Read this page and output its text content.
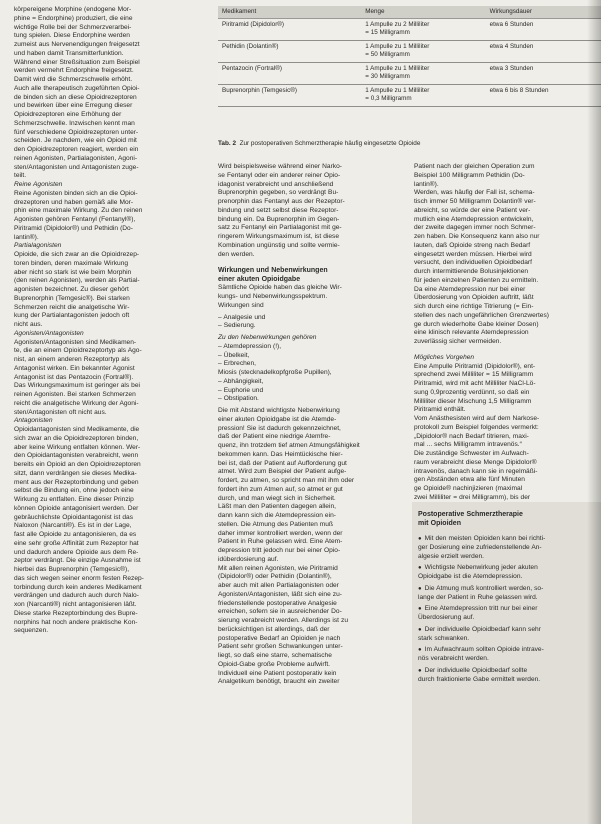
körpereigene Morphine (endogene Mor-
phine = Endorphine) produziert, die eine
wichtige Rolle bei der Schmerzverarbei-
tung spielen. Diese Endorphine werden
zumeist aus Nervenendigungen freigesetzt
und haben damit Transmitterfunktion.
Während einer Streßsituation zum Beispiel
werden vermehrt Endorphine freigesetzt.
Damit wird die Schmerzschwelle erhöht.
Auch alle therapeutisch zugeführten Opioi-
de binden sich an diese Opioidrezeptoren
und bewirken über eine Erregung dieser
Opioidrezeptoren eine Erhöhung der
Schmerzschwelle. Inzwischen kennt man
fünf verschiedene Opioidrezeptoren unter-
scheiden. Je nachdem, wie ein Opioid mit
den Opioidrezeptoren reagiert, werden ein
reinen Agonisten, Partialagonisten, Agoni-
sten/Antagonisten und Antagonisten zuge-
teilt.
Reine Agonisten
Reine Agonisten binden sich an die Opioi-
drezeptoren und haben gemäß alle Mor-
phin eine maximale Wirkung. Zu den reinen
Agonisten gehören Fentanyl (Fentanyl®),
Piritramid (Dipidolor®) und Pethidin (Do-
lantin®).
Partialagonisten
Opioide, die sich zwar an die Opioidrezep-
toren binden, deren maximale Wirkung
aber nicht so stark ist wie beim Morphin
(den reinen Agonisten), werden als Partial-
agonisten bezeichnet. Zu dieser gehört
Buprenorphin (Temgesic®). Bei starken
Schmerzen reicht die analgetische Wir-
kung der Partialantagonisten jedoch oft
nicht aus.
Agonisten/Antagonisten
Agonisten/Antagonisten sind Medikamen-
te, die an einem Opioidrezeptortyp als Ago-
nist, an einem anderen Rezeptortyp als
Antagonist wirken. Ein bekannter Agonist
Antagonist ist das Pentazocin (Fortral®).
Das Wirkungsmaximum ist geringer als bei
reinen Agonisten. Bei starken Schmerzen
reicht die analgetische Wirkung der Agoni-
sten/Antagonisten oft nicht aus.
Antagonisten
Opioidantagonisten sind Medikamente, die
sich zwar an die Opioidrezeptoren binden,
aber keine Wirkung entfalten können. Wer-
den Opioidantagonisten verabreicht, wenn
bereits ein Opioid an den Opioidrezeptoren
sitzt, dann verdrängen sie dieses Medika-
ment aus der Rezeptorbindung und geben
selbst die Bindung ein, ohne jedoch eine
Wirkung zu entfalten. Eine dieser Prinzip
können Opioide antagonisiert werden. Der
gebräuchlichste Opioidantagonist ist das
Naloxon (Narcanti®). Es ist in der Lage,
fast alle Opioide zu antagonisieren, da es
eine sehr große Affinität zum Rezeptor hat
und dadurch andere Opioide aus dem Re-
zeptor verdrängt. Die einzige Ausnahme ist
hierbei das Buprenorphin (Temgesic®),
das sich wegen seiner enorm festen Rezep-
torbindung durch kein anderes Medikament
verdrängen und dadurch auch durch Nalo-
xon (Narcanti®) nicht antagonisieren läßt.
Diese starke Rezeptorbindung des Bupre-
norphins hat noch andere praktische Kon-
sequenzen.
Medikament	Menge	Wirkungsdauer
Piritramid (Dipidolor®)	1 Ampulle zu 2 Milliliter
= 15 Milligramm	etwa 6 Stunden
Pethidin (Dolantin®)	1 Ampulle zu 1 Milliliter
= 50 Milligramm	etwa 4 Stunden
Pentazocin (Fortral®)	1 Ampulle zu 1 Milliliter
= 30 Milligramm	etwa 3 Stunden
Buprenorphin (Temgesic®)	1 Ampulle zu 1 Milliliter
= 0,3 Milligramm	etwa 6 bis 8 Stunden
Tab. 2 Zur postoperativen Schmerztherapie häufig eingesetzte Opioide
Wird beispielsweise während einer Narko-
se Fentanyl oder ein anderer reiner Opio-
idagonist verabreicht und anschließend
Buprenorphin gegeben, so verdrängt Bu-
prenorphin das Fentanyl aus der Rezeptor-
bindung und setzt selbst diese Rezeptor-
bindung ein. Da Buprenorphin im Gegen-
satz zu Fentanyl ein Partialagonist mit ge-
ringerem Wirkungsmaximum ist, ist diese
Kombination ungünstig und sollte vermie-
den werden.
Wirkungen und Nebenwirkungen
einer akuten Opioidgabe
Sämtliche Opioide haben das gleiche Wir-
kungs- und Nebenwirkungsspektrum.
Wirkungen sind
– Analgesie und
– Sedierung.
Zu den Nebenwirkungen gehören
– Atemdepression (!),
– Übelkeit,
– Erbrechen,
Miosis (stecknadelkopfgroße Pupillen),
– Abhängigkeit,
– Euphorie und
– Obstipation.
Die mit Abstand wichtigste Nebenwirkung
einer akuten Opioidgabe ist die Atemde-
pression! Sie ist dadurch gekennzeichnet,
daß der Patient eine niedrige Atemfre-
quenz, ihn trotzdem tief atmen Atmungsfähigkeit
bekommen kann. Das Heimtückische hier-
bei ist, daß der Patient auf Aufforderung gut
atmet. Wird zum Beispiel der Patient aufge-
fordert, zu atmen, so spricht man mit ihm oder
fordert ihn zum Atmen auf, so atmet er gut
durch, und man wiegt sich in Sicherheit.
Läßt man den Patienten dagegen allein,
dann kann sich die Atemdepression ein-
stellen. Die Atmung des Patienten muß
daher immer kontrolliert werden, wenn der
Patient in Ruhe gelassen wird. Eine Atem-
depression tritt jedoch nur bei einer Opio-
idüberdosierung auf.
Mit allen reinen Agonisten, wie Piritramid
(Dipidolor®) oder Pethidin (Dolantin®),
aber auch mit allen Partialagonisten oder
Agonisten/Antagonisten, läßt sich eine zu-
friedenstellende postoperative Analgesie
erreichen, sofern sie in ausreichender Do-
sierung verabreicht werden. Allerdings ist zu
berücksichtigen ist allerdings, daß der
postoperative Bedarf an Opioiden je nach
Patient sehr großen Schwankungen unter-
liegt, so daß eine starre, schematische
Opioid-Gabe große Probleme aufwirft.
Individuell eine Patient postoperativ kein
Analgetikum benötigt, braucht ein zweiter
Patient nach der gleichen Operation zum
Beispiel 100 Milligramm Pethidin (Do-
lantin®).
Werden, was häufig der Fall ist, schema-
tisch immer 50 Milligramm Dolantin® ver-
abreicht, so würde der eine Patient ver-
mutlich eine Atemdepression entwickeln,
der zweite dagegen immer noch Schmer-
zen haben. Die Konsequenz kann also nur
lauten, daß Opioide streng nach Bedarf
eingesetzt werden müssen. Hierbei wird
versucht, den individuellen Opioidbedarf
durch intermittierende Bolusinjektionen
für jeden einzelnen Patienten zu ermitteln.
Da eine Atemdepression nur bei einer
Überdosierung von Opioiden auftritt, läßt
sich durch eine richtige Titrierung (= Ein-
stellen des nach ungefährlichen Grenzwertes)
ge durch wiederholte Gabe kleiner Dosen)
eine klinisch relevante Atemdepression
zuverlässig sicher vermeiden.
Mögliches Vorgehen
Eine Ampulle Piritramid (Dipidolor®), ent-
sprechend zwei Milliliter = 15 Milligramm
Piritramid, wird mit acht Milliliter NaCl-Lö-
sung 0,9prozentig verdünnt, so daß ein
Milliliter dieser Mischung 1,5 Milligramm
Piritramid enthält.
Vom Anästhesisten wird auf dem Narkose-
protokoll zum Beispiel folgendes vermerkt:
„Dipidolor® nach Bedarf titrieren, maxi-
mal ... sechs Milligramm intravenös.“
Die zuständige Schwester im Aufwach-
raum verabreicht diese Menge Dipidolor®
intravenös, danach kann sie in regelmäßi-
gen Abständen etwa alle fünf Minuten
ge Opioide® nachinjizieren (maximal
zwei Milliliter = drei Milligramm), bis der
Postoperative Schmerztherapie
mit Opioiden
● Mit den meisten Opioiden kann bei richti-

ger Dosierung eine zufriedenstellende An-
algesie erzielt werden.
● Wichtigste Nebenwirkung jeder akuten

Opioidgabe ist die Atemdepression.
● Die Atmung muß kontrolliert werden, so-

lange der Patient in Ruhe gelassen wird.
● Eine Atemdepression tritt nur bei einer

Überdosierung auf.
● Der individuelle Opioidbedarf kann sehr

stark schwanken.
● Im Aufwachraum sollten Opioide intrave-

nös verabreicht werden.
● Der individuelle Opioidbedarf sollte

durch fraktionierte Gabe ermittelt werden.
